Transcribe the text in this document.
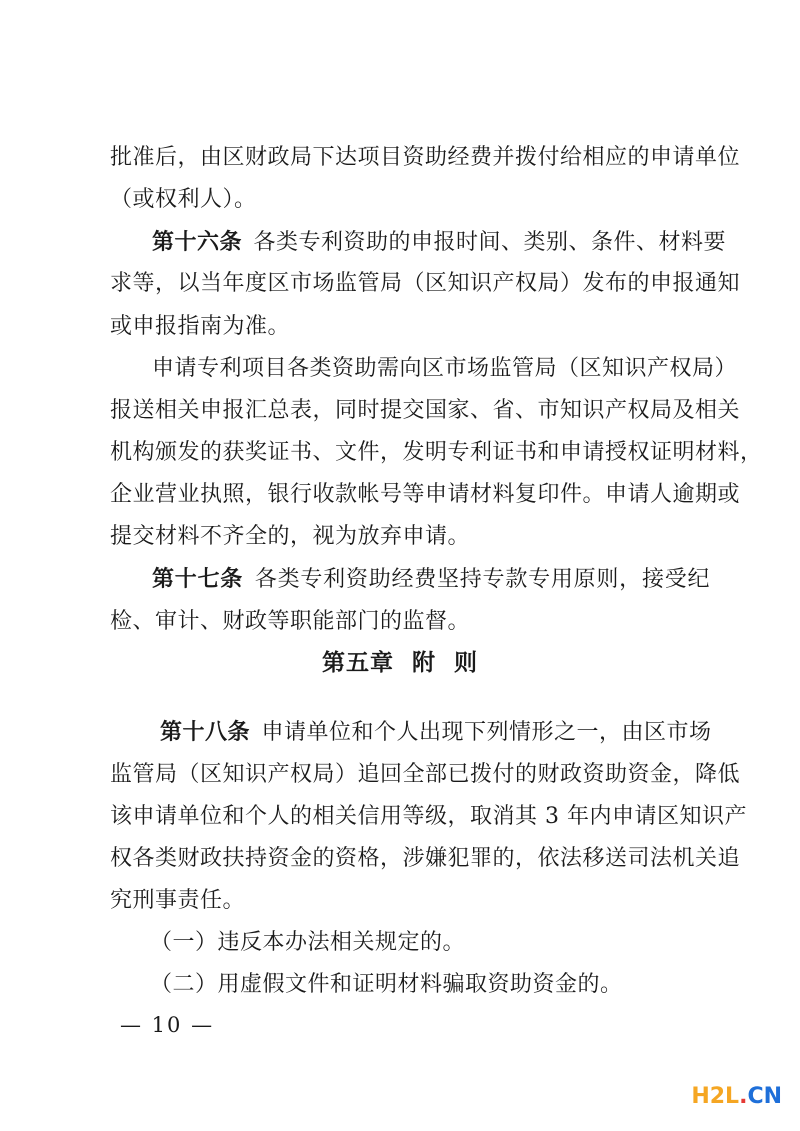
批准后，由区财政局下达项目资助经费并拨付给相应的申请单位
（或权利人）。
第十六条  各类专利资助的申报时间、类别、条件、材料要
求等，以当年度区市场监管局（区知识产权局）发布的申报通知
或申报指南为准。
申请专利项目各类资助需向区市场监管局（区知识产权局）
报送相关申报汇总表，同时提交国家、省、市知识产权局及相关
机构颁发的获奖证书、文件，发明专利证书和申请授权证明材料，
企业营业执照，银行收款帐号等申请材料复印件。申请人逾期或
提交材料不齐全的，视为放弃申请。
第十七条  各类专利资助经费坚持专款专用原则，接受纪
检、审计、财政等职能部门的监督。
第五章 附 则
第十八条  申请单位和个人出现下列情形之一，由区市场
监管局（区知识产权局）追回全部已拨付的财政资助资金，降低
该申请单位和个人的相关信用等级，取消其 3 年内申请区知识产
权各类财政扶持资金的资格，涉嫌犯罪的，依法移送司法机关追
究刑事责任。
（一）违反本办法相关规定的。
（二）用虚假文件和证明材料骗取资助资金的。
— 10 —
H2L.CN
